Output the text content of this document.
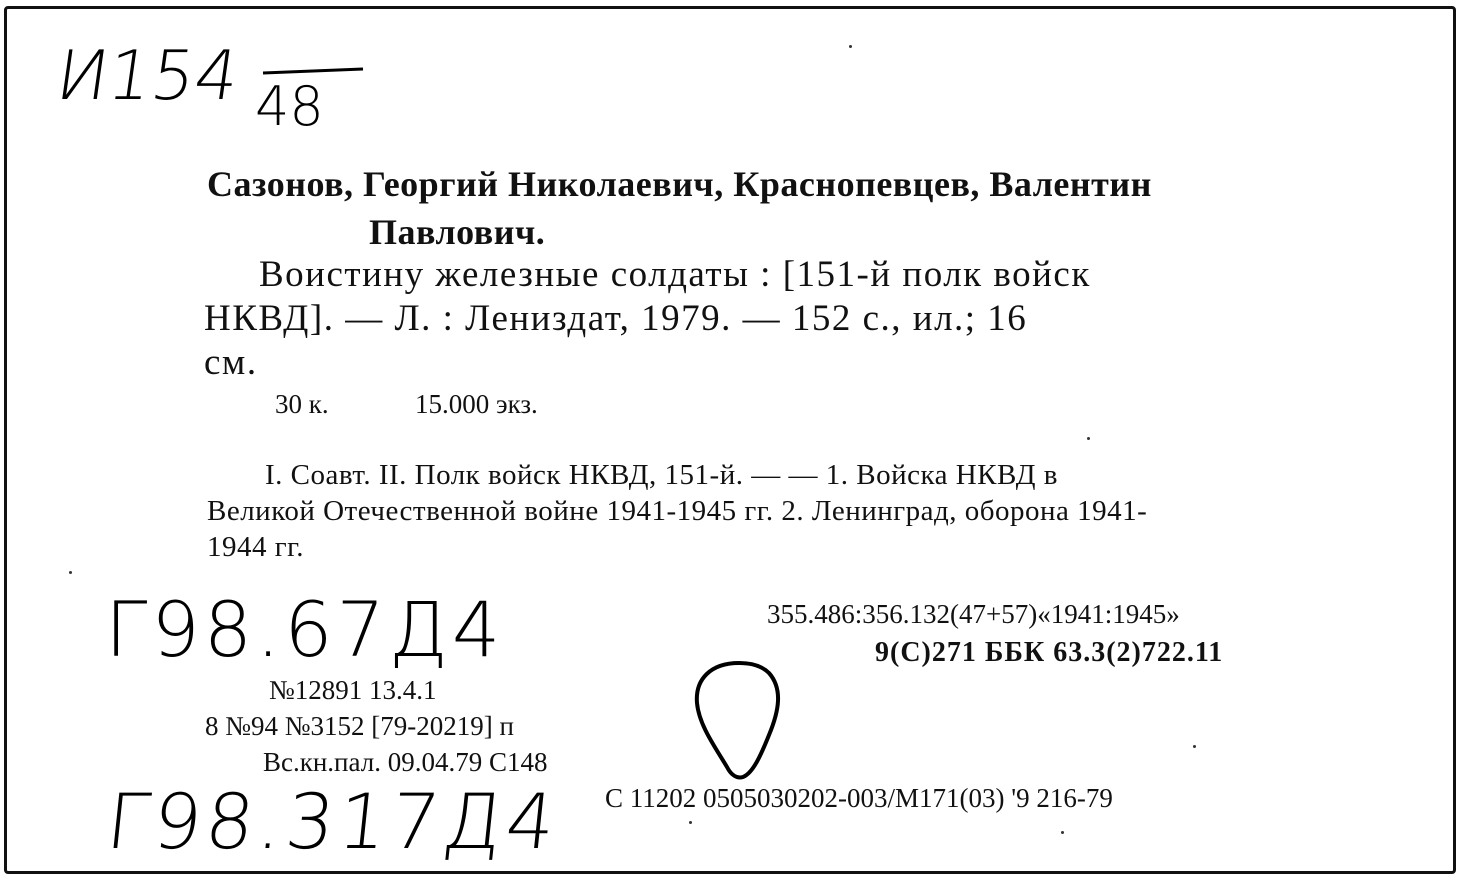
И154 48
Сазонов, Георгий Николаевич, Краснопевцев, Валентин
Павлович.
Воистину железные солдаты : [151-й полк войск
НКВД]. — Л. : Лениздат, 1979. — 152 с., ил.; 16
см.
30 к.	15.000 экз.
I. Соавт. II. Полк войск НКВД, 151-й. — — 1. Войска НКВД в
Великой Отечественной войне 1941-1945 гг. 2. Ленинград, оборона 1941-
1944 гг.
Г98.67Д4
Г98.317Д4
355.486:356.132(47+57)«1941:1945»
9(С)271 ББК 63.3(2)722.11
№12891 13.4.1
8 №94 №3152 [79-20219] п
Вс.кн.пал. 09.04.79 С148
С 11202 0505030202-003/М171(03) '9 216-79
